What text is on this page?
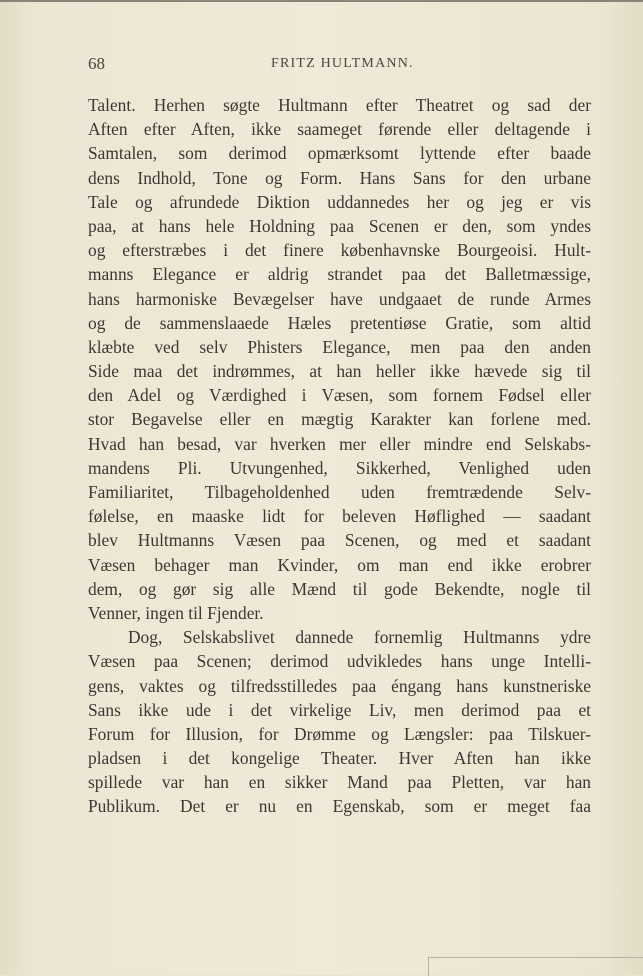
68	FRITZ HULTMANN.
Talent. Herhen søgte Hultmann efter Theatret og sad der
Aften efter Aften, ikke saameget førende eller deltagende i
Samtalen, som derimod opmærksomt lyttende efter baade
dens Indhold, Tone og Form. Hans Sans for den urbane
Tale og afrundede Diktion uddannedes her og jeg er vis
paa, at hans hele Holdning paa Scenen er den, som yndes
og efterstræbes i det finere københavnske Bourgeoisi. Hult-
manns Elegance er aldrig strandet paa det Balletmæssige,
hans harmoniske Bevægelser have undgaaet de runde Armes
og de sammenslaaede Hæles pretentiøse Gratie, som altid
klæbte ved selv Phisters Elegance, men paa den anden
Side maa det indrømmes, at han heller ikke hævede sig til
den Adel og Værdighed i Væsen, som fornem Fødsel eller
stor Begavelse eller en mægtig Karakter kan forlene med.
Hvad han besad, var hverken mer eller mindre end Selskabs-
mandens Pli. Utvungenhed, Sikkerhed, Venlighed uden
Familiaritet, Tilbageholdenhed uden fremtrædende Selv-
følelse, en maaske lidt for beleven Høflighed — saadant
blev Hultmanns Væsen paa Scenen, og med et saadant
Væsen behager man Kvinder, om man end ikke erobrer
dem, og gør sig alle Mænd til gode Bekendte, nogle til
Venner, ingen til Fjender.
Dog, Selskabslivet dannede fornemlig Hultmanns ydre
Væsen paa Scenen; derimod udvikledes hans unge Intelli-
gens, vaktes og tilfredsstilledes paa éngang hans kunstneriske
Sans ikke ude i det virkelige Liv, men derimod paa et
Forum for Illusion, for Drømme og Længsler: paa Tilskuer-
pladsen i det kongelige Theater. Hver Aften han ikke
spillede var han en sikker Mand paa Pletten, var han
Publikum. Det er nu en Egenskab, som er meget faa
